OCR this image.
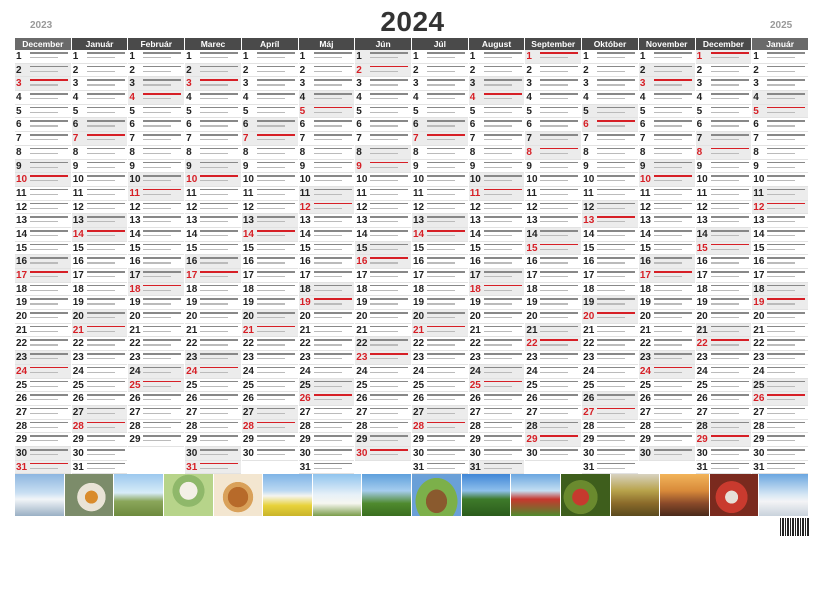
2024
2023	2025
December
1
2
3
4
5
6
7
8
9
10
11
12
13
14
15
16
17
18
19
20
21
22
23
24
25
26
27
28
29
30
31
Január
1
2
3
4
5
6
7
8
9
10
11
12
13
14
15
16
17
18
19
20
21
22
23
24
25
26
27
28
29
30
31
Február
1
2
3
4
5
6
7
8
9
10
11
12
13
14
15
16
17
18
19
20
21
22
23
24
25
26
27
28
29
Marec
1
2
3
4
5
6
7
8
9
10
11
12
13
14
15
16
17
18
19
20
21
22
23
24
25
26
27
28
29
30
31
Apríl
1
2
3
4
5
6
7
8
9
10
11
12
13
14
15
16
17
18
19
20
21
22
23
24
25
26
27
28
29
30
Máj
1
2
3
4
5
6
7
8
9
10
11
12
13
14
15
16
17
18
19
20
21
22
23
24
25
26
27
28
29
30
31
Jún
1
2
3
4
5
6
7
8
9
10
11
12
13
14
15
16
17
18
19
20
21
22
23
24
25
26
27
28
29
30
Júl
1
2
3
4
5
6
7
8
9
10
11
12
13
14
15
16
17
18
19
20
21
22
23
24
25
26
27
28
29
30
31
August
1
2
3
4
5
6
7
8
9
10
11
12
13
14
15
16
17
18
19
20
21
22
23
24
25
26
27
28
29
30
31
September
1
2
3
4
5
6
7
8
9
10
11
12
13
14
15
16
17
18
19
20
21
22
23
24
25
26
27
28
29
30
Október
1
2
3
4
5
6
7
8
9
10
11
12
13
14
15
16
17
18
19
20
21
22
23
24
25
26
27
28
29
30
31
November
1
2
3
4
5
6
7
8
9
10
11
12
13
14
15
16
17
18
19
20
21
22
23
24
25
26
27
28
29
30
December
1
2
3
4
5
6
7
8
9
10
11
12
13
14
15
16
17
18
19
20
21
22
23
24
25
26
27
28
29
30
31
Január
1
2
3
4
5
6
7
8
9
10
11
12
13
14
15
16
17
18
19
20
21
22
23
24
25
26
27
28
29
30
31
